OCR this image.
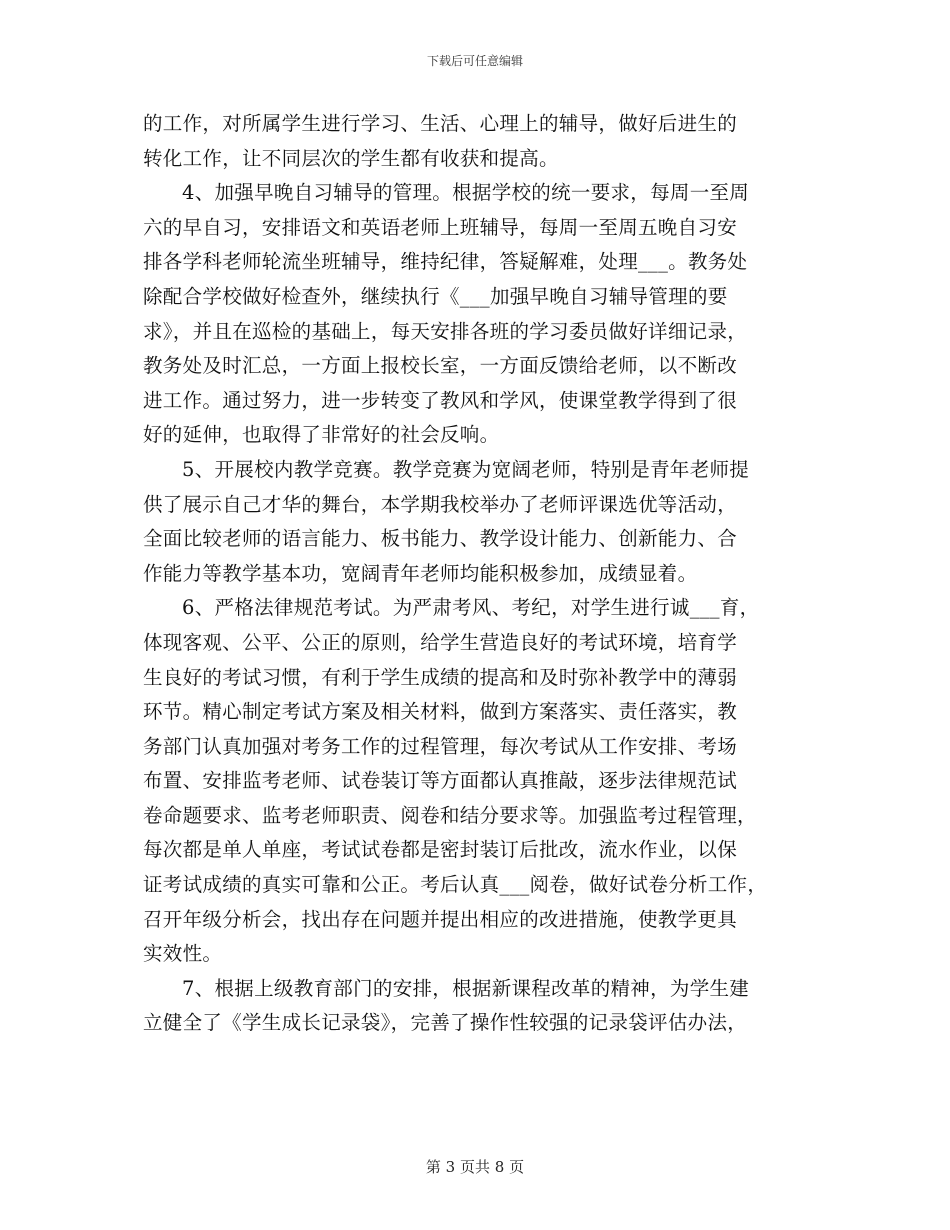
下载后可任意编辑
的工作，对所属学生进行学习、生活、心理上的辅导，做好后进生的
转化工作，让不同层次的学生都有收获和提高。
4、加强早晚自习辅导的管理。根据学校的统一要求，每周一至周
六的早自习，安排语文和英语老师上班辅导，每周一至周五晚自习安
排各学科老师轮流坐班辅导，维持纪律，答疑解难，处理___。教务处
除配合学校做好检查外，继续执行《___加强早晚自习辅导管理的要
求》，并且在巡检的基础上，每天安排各班的学习委员做好详细记录，
教务处及时汇总，一方面上报校长室，一方面反馈给老师，以不断改
进工作。通过努力，进一步转变了教风和学风，使课堂教学得到了很
好的延伸，也取得了非常好的社会反响。
5、开展校内教学竞赛。教学竞赛为宽阔老师，特别是青年老师提
供了展示自己才华的舞台，本学期我校举办了老师评课选优等活动，
全面比较老师的语言能力、板书能力、教学设计能力、创新能力、合
作能力等教学基本功，宽阔青年老师均能积极参加，成绩显着。
6、严格法律规范考试。为严肃考风、考纪，对学生进行诚___育，
体现客观、公平、公正的原则，给学生营造良好的考试环境，培育学
生良好的考试习惯，有利于学生成绩的提高和及时弥补教学中的薄弱
环节。精心制定考试方案及相关材料，做到方案落实、责任落实，教
务部门认真加强对考务工作的过程管理，每次考试从工作安排、考场
布置、安排监考老师、试卷装订等方面都认真推敲，逐步法律规范试
卷命题要求、监考老师职责、阅卷和结分要求等。加强监考过程管理，
每次都是单人单座，考试试卷都是密封装订后批改，流水作业，以保
证考试成绩的真实可靠和公正。考后认真___阅卷，做好试卷分析工作，
召开年级分析会，找出存在问题并提出相应的改进措施，使教学更具
实效性。
7、根据上级教育部门的安排，根据新课程改革的精神，为学生建
立健全了《学生成长记录袋》，完善了操作性较强的记录袋评估办法，
第 3 页共 8 页
